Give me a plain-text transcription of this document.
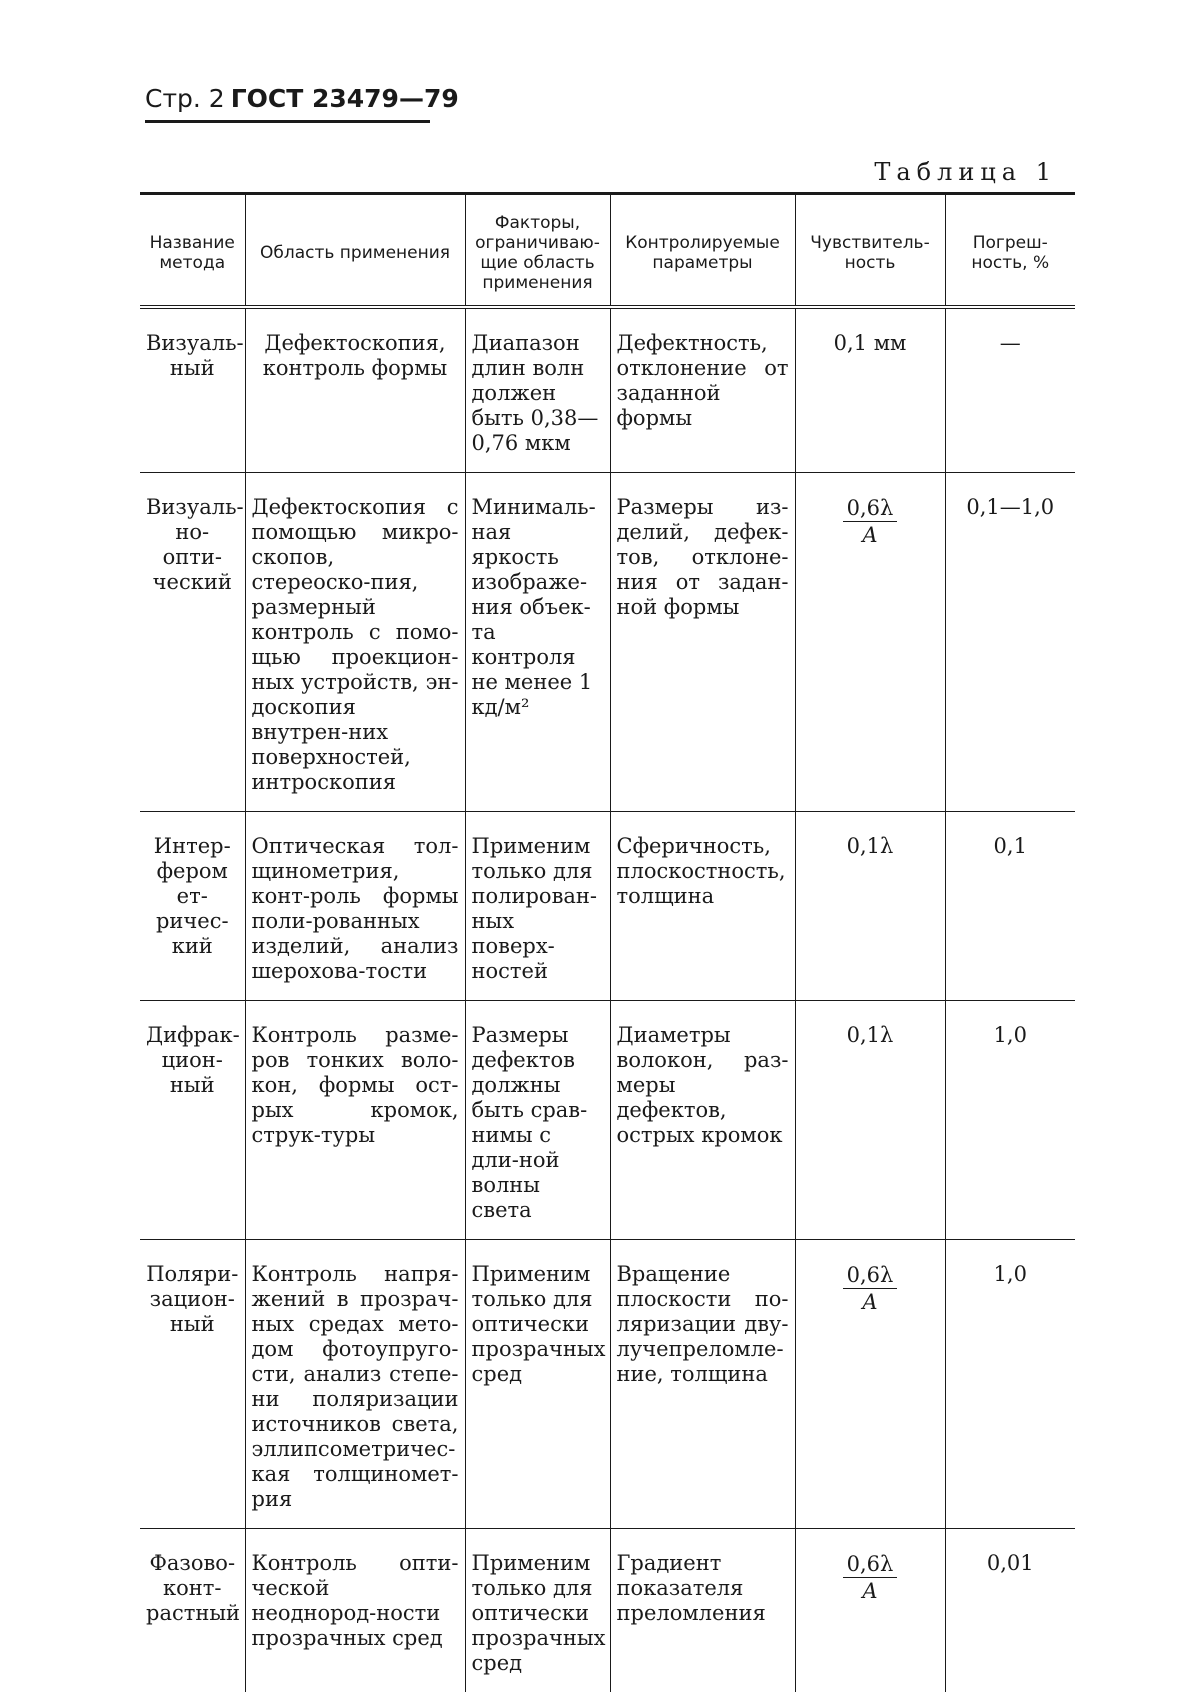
Стр. 2 ГОСТ 23479—79
Таблица 1
Название метода	Область применения	Факторы, ограничиваю-щие область применения	Контролируемые параметры	Чувствитель-ность	Погреш-ность, %
Визуаль-ный	Дефектоскопия, контроль формы	Диапазон длин волн должен быть 0,38—0,76 мкм	Дефектность, отклонение от заданной формы	0,1 мм	—
Визуаль-но-опти-ческий	Дефектоскопия с помощью микро-скопов, стереоско-пия, размерный контроль с помо-щью проекцион-ных устройств, эн-доскопия внутрен-них поверхностей, интроскопия	Минималь-ная яркость изображе-ния объек-та контроля не менее 1 кд/м²	Размеры из-делий, дефек-тов, отклоне-ния от задан-ной формы	$\frac{0,6\lambda}{A}$	0,1—1,0
Интер-фером ет-ричес-кий	Оптическая тол-щинометрия, конт-роль формы поли-рованных изделий, анализ шерохова-тости	Применим только для полирован-ных поверх-ностей	Сферичность, плоскостность, толщина	0,1λ	0,1
Дифрак-цион-ный	Контроль разме-ров тонких воло-кон, формы ост-рых кромок, струк-туры	Размеры дефектов должны быть срав-нимы с дли-ной волны света	Диаметры волокон, раз-меры дефектов, острых кромок	0,1λ	1,0
Поляри-зацион-ный	Контроль напря-жений в прозрач-ных средах мето-дом фотоупруго-сти, анализ степе-ни поляризации источников света, эллипсометричес-кая толщиномет-рия	Применим только для оптически прозрачных сред	Вращение плоскости по-ляризации дву-лучепреломле-ние, толщина	$\frac{0,6\lambda}{A}$	1,0
Фазово-конт-растный	Контроль опти-ческой неоднород-ности прозрачных сред	Применим только для оптически прозрачных сред	Градиент показателя преломления	$\frac{0,6\lambda}{A}$	0,01
